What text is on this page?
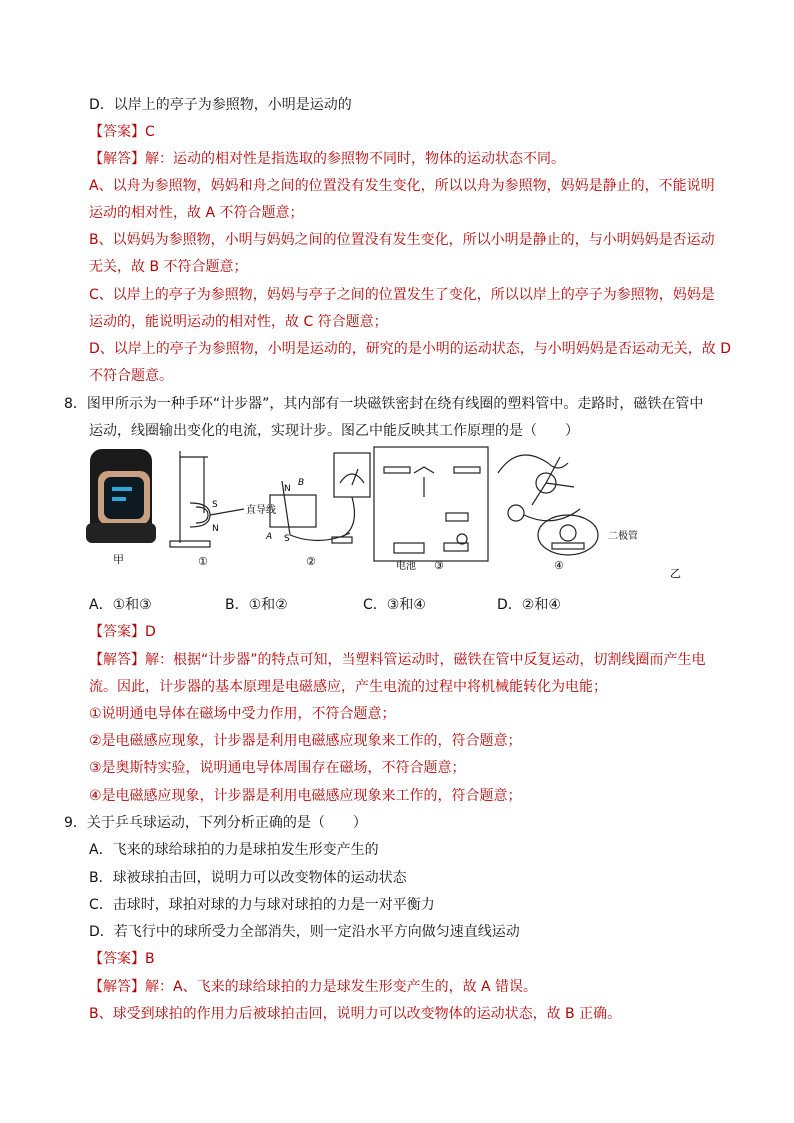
D．以岸上的亭子为参照物，小明是运动的
【答案】C
【解答】解：运动的相对性是指选取的参照物不同时，物体的运动状态不同。
A、以舟为参照物，妈妈和舟之间的位置没有发生变化，所以以舟为参照物，妈妈是静止的，不能说明
运动的相对性，故 A 不符合题意；
B、以妈妈为参照物，小明与妈妈之间的位置没有发生变化，所以小明是静止的，与小明妈妈是否运动
无关，故 B 不符合题意；
C、以岸上的亭子为参照物，妈妈与亭子之间的位置发生了变化，所以以岸上的亭子为参照物，妈妈是
运动的，能说明运动的相对性，故 C 符合题意；
D、以岸上的亭子为参照物，小明是运动的，研究的是小明的运动状态，与小明妈妈是否运动无关，故 D
不符合题意。
8．图甲所示为一种手环“计步器”，其内部有一块磁铁密封在绕有线圈的塑料管中。走路时，磁铁在管中
运动，线圈输出变化的电流，实现计步。图乙中能反映其工作原理的是（　　）
甲
S
N
直导线
①
N
B
A S
②	电池 ③
二极管
④
乙
A．①和③	B．①和②	C．③和④	D．②和④
【答案】D
【解答】解：根据“计步器”的特点可知，当塑料管运动时，磁铁在管中反复运动，切割线圈而产生电
流。因此，计步器的基本原理是电磁感应，产生电流的过程中将机械能转化为电能；
①说明通电导体在磁场中受力作用，不符合题意；
②是电磁感应现象，计步器是利用电磁感应现象来工作的，符合题意；
③是奥斯特实验，说明通电导体周围存在磁场，不符合题意；
④是电磁感应现象，计步器是利用电磁感应现象来工作的，符合题意；
9．关于乒乓球运动，下列分析正确的是（　　）
A．飞来的球给球拍的力是球拍发生形变产生的
B．球被球拍击回，说明力可以改变物体的运动状态
C．击球时，球拍对球的力与球对球拍的力是一对平衡力
D．若飞行中的球所受力全部消失，则一定沿水平方向做匀速直线运动
【答案】B
【解答】解：A、飞来的球给球拍的力是球发生形变产生的，故 A 错误。
B、球受到球拍的作用力后被球拍击回，说明力可以改变物体的运动状态，故 B 正确。
